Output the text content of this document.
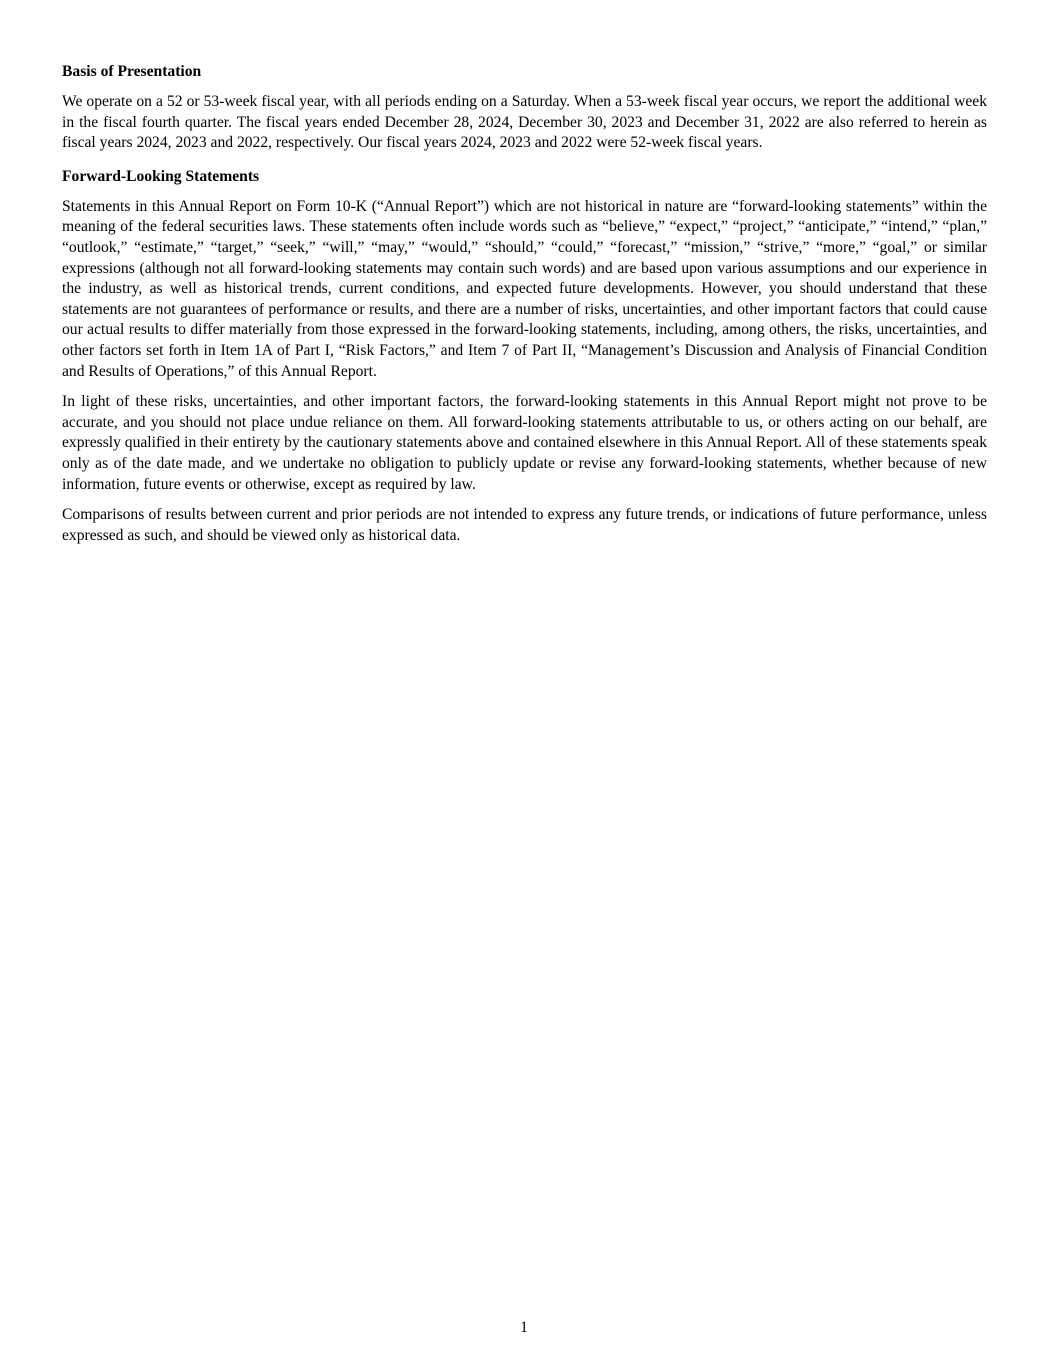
Basis of Presentation

We operate on a 52 or 53-week fiscal year, with all periods ending on a Saturday. When a 53-week fiscal year occurs, we report the additional week in the fiscal fourth quarter. The fiscal years ended December 28, 2024, December 30, 2023 and December 31, 2022 are also referred to herein as fiscal years 2024, 2023 and 2022, respectively. Our fiscal years 2024, 2023 and 2022 were 52-week fiscal years.

Forward-Looking Statements

Statements in this Annual Report on Form 10-K (“Annual Report”) which are not historical in nature are “forward-looking statements” within the meaning of the federal securities laws. These statements often include words such as “believe,” “expect,” “project,” “anticipate,” “intend,” “plan,” “outlook,” “estimate,” “target,” “seek,” “will,” “may,” “would,” “should,” “could,” “forecast,” “mission,” “strive,” “more,” “goal,” or similar expressions (although not all forward-looking statements may contain such words) and are based upon various assumptions and our experience in the industry, as well as historical trends, current conditions, and expected future developments. However, you should understand that these statements are not guarantees of performance or results, and there are a number of risks, uncertainties, and other important factors that could cause our actual results to differ materially from those expressed in the forward-looking statements, including, among others, the risks, uncertainties, and other factors set forth in Item 1A of Part I, “Risk Factors,” and Item 7 of Part II, “Management’s Discussion and Analysis of Financial Condition and Results of Operations,” of this Annual Report.

In light of these risks, uncertainties, and other important factors, the forward-looking statements in this Annual Report might not prove to be accurate, and you should not place undue reliance on them. All forward-looking statements attributable to us, or others acting on our behalf, are expressly qualified in their entirety by the cautionary statements above and contained elsewhere in this Annual Report. All of these statements speak only as of the date made, and we undertake no obligation to publicly update or revise any forward-looking statements, whether because of new information, future events or otherwise, except as required by law.

Comparisons of results between current and prior periods are not intended to express any future trends, or indications of future performance, unless expressed as such, and should be viewed only as historical data.

1
